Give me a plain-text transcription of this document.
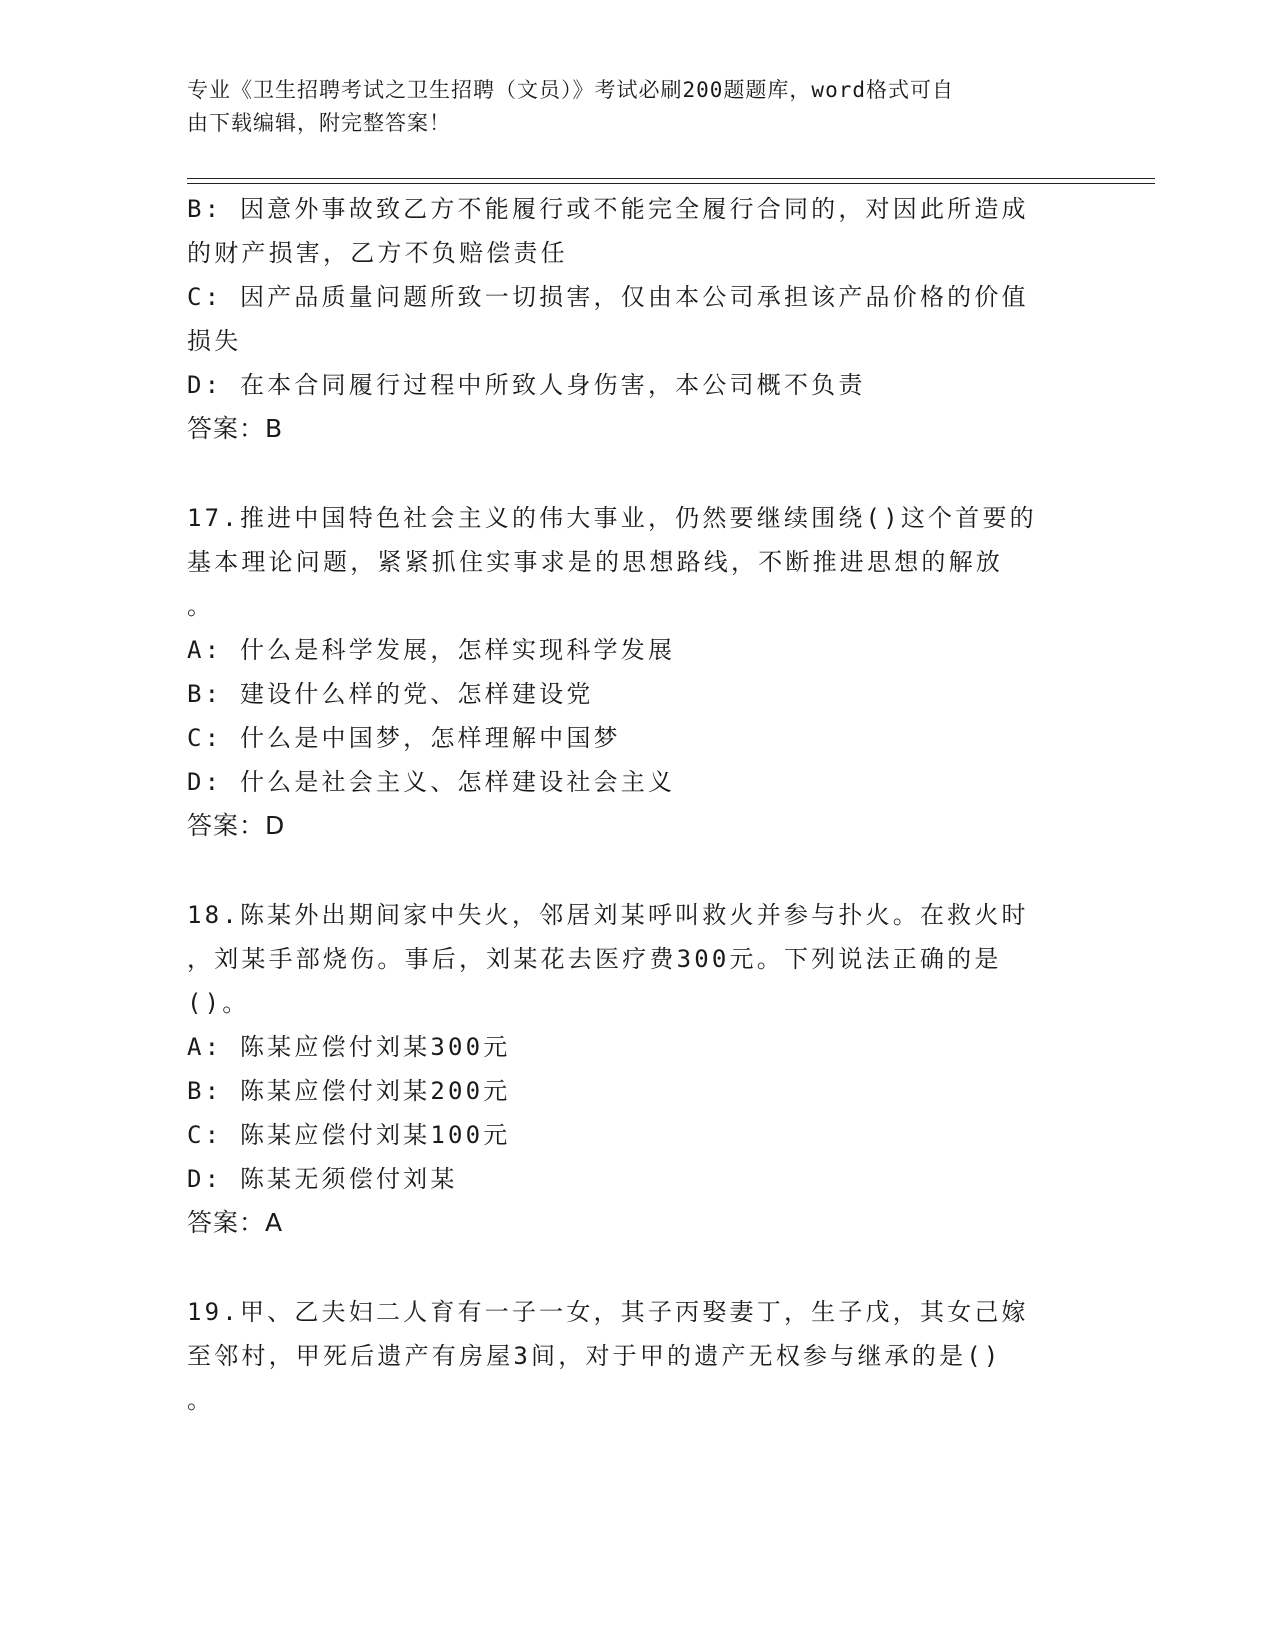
专业《卫生招聘考试之卫生招聘（文员）》考试必刷200题题库，word格式可自
由下载编辑，附完整答案！
B: 因意外事故致乙方不能履行或不能完全履行合同的，对因此所造成
的财产损害，乙方不负赔偿责任
C: 因产品质量问题所致一切损害，仅由本公司承担该产品价格的价值
损失
D: 在本合同履行过程中所致人身伤害，本公司概不负责
答案：B
17.推进中国特色社会主义的伟大事业，仍然要继续围绕()这个首要的
基本理论问题，紧紧抓住实事求是的思想路线，不断推进思想的解放
。
A: 什么是科学发展，怎样实现科学发展
B: 建设什么样的党、怎样建设党
C: 什么是中国梦，怎样理解中国梦
D: 什么是社会主义、怎样建设社会主义
答案：D
18.陈某外出期间家中失火，邻居刘某呼叫救火并参与扑火。在救火时
，刘某手部烧伤。事后，刘某花去医疗费300元。下列说法正确的是
()。
A: 陈某应偿付刘某300元
B: 陈某应偿付刘某200元
C: 陈某应偿付刘某100元
D: 陈某无须偿付刘某
答案：A
19.甲、乙夫妇二人育有一子一女，其子丙娶妻丁，生子戊，其女己嫁
至邻村，甲死后遗产有房屋3间，对于甲的遗产无权参与继承的是()
。
